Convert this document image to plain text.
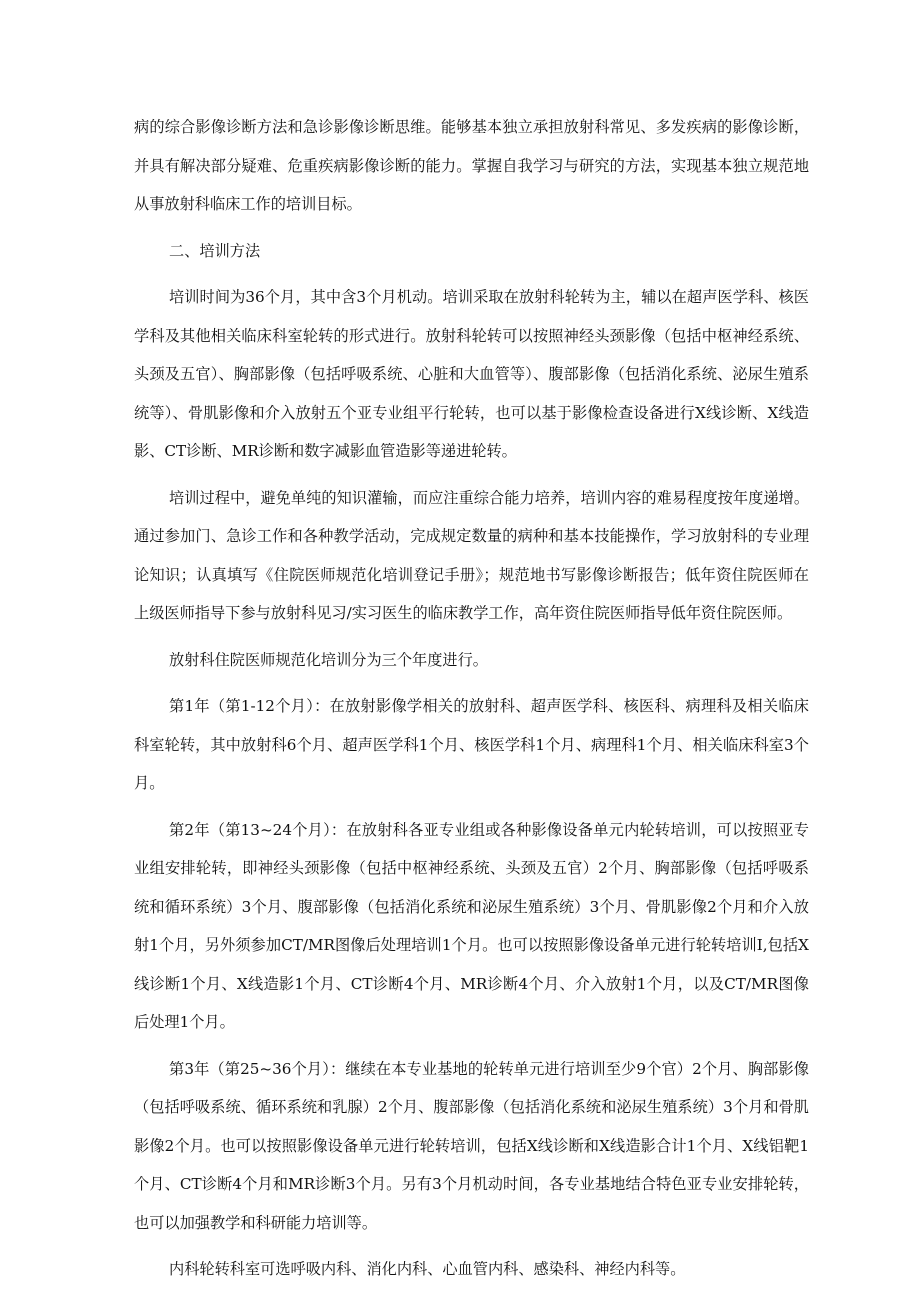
病的综合影像诊断方法和急诊影像诊断思维。能够基本独立承担放射科常见、多发疾病的影像诊断，并具有解决部分疑难、危重疾病影像诊断的能力。掌握自我学习与研究的方法，实现基本独立规范地从事放射科临床工作的培训目标。

二、培训方法

培训时间为36个月，其中含3个月机动。培训采取在放射科轮转为主，辅以在超声医学科、核医学科及其他相关临床科室轮转的形式进行。放射科轮转可以按照神经头颈影像（包括中枢神经系统、头颈及五官）、胸部影像（包括呼吸系统、心脏和大血管等）、腹部影像（包括消化系统、泌尿生殖系统等）、骨肌影像和介入放射五个亚专业组平行轮转，也可以基于影像检查设备进行X线诊断、X线造影、CT诊断、MR诊断和数字减影血管造影等递进轮转。

培训过程中，避免单纯的知识灌输，而应注重综合能力培养，培训内容的难易程度按年度递增。通过参加门、急诊工作和各种教学活动，完成规定数量的病种和基本技能操作，学习放射科的专业理论知识；认真填写《住院医师规范化培训登记手册》；规范地书写影像诊断报告；低年资住院医师在上级医师指导下参与放射科见习/实习医生的临床教学工作，高年资住院医师指导低年资住院医师。

放射科住院医师规范化培训分为三个年度进行。

第1年（第1-12个月）：在放射影像学相关的放射科、超声医学科、核医科、病理科及相关临床科室轮转，其中放射科6个月、超声医学科1个月、核医学科1个月、病理科1个月、相关临床科室3个月。

第2年（第13~24个月）：在放射科各亚专业组或各种影像设备单元内轮转培训，可以按照亚专业组安排轮转，即神经头颈影像（包括中枢神经系统、头颈及五官）2个月、胸部影像（包括呼吸系统和循环系统）3个月、腹部影像（包括消化系统和泌尿生殖系统）3个月、骨肌影像2个月和介入放射1个月，另外须参加CT/MR图像后处理培训1个月。也可以按照影像设备单元进行轮转培训I,包括X线诊断1个月、X线造影1个月、CT诊断4个月、MR诊断4个月、介入放射1个月，以及CT/MR图像后处理1个月。

第3年（第25~36个月）：继续在本专业基地的轮转单元进行培训至少9个官）2个月、胸部影像（包括呼吸系统、循环系统和乳腺）2个月、腹部影像（包括消化系统和泌尿生殖系统）3个月和骨肌影像2个月。也可以按照影像设备单元进行轮转培训，包括X线诊断和X线造影合计1个月、X线铝靶1个月、CT诊断4个月和MR诊断3个月。另有3个月机动时间，各专业基地结合特色亚专业安排轮转，也可以加强教学和科研能力培训等。

内科轮转科室可选呼吸内科、消化内科、心血管内科、感染科、神经内科等。
